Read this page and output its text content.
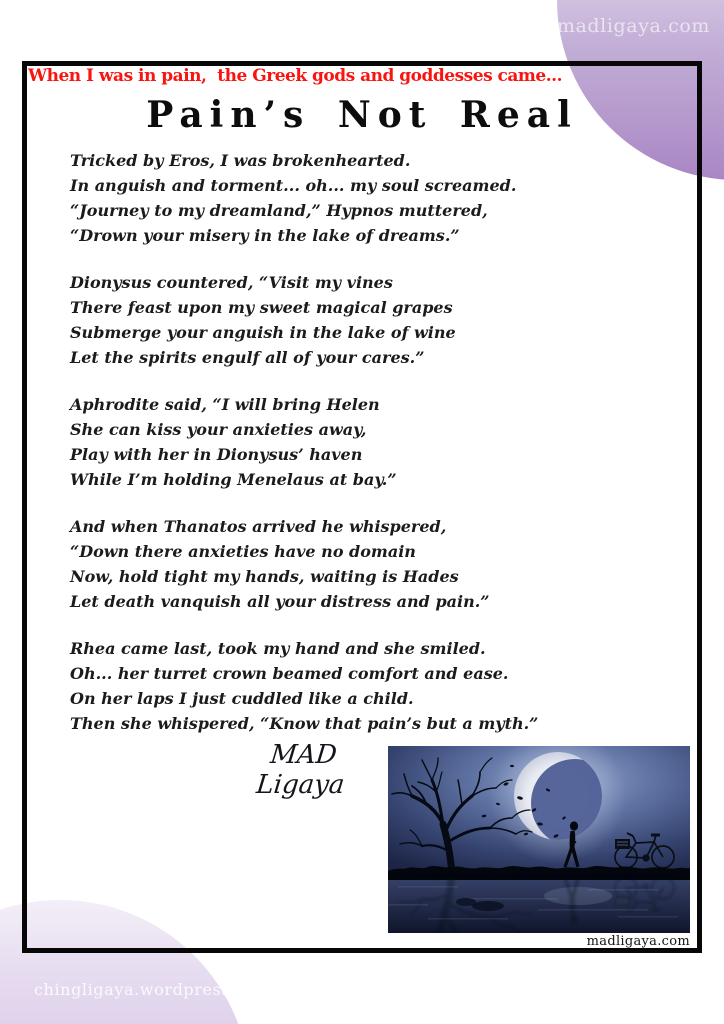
madligaya.com
chingligaya.wordpress.com
When I was in pain,  the Greek gods and goddesses came...
Pain’s Not Real
Tricked by Eros, I was brokenhearted.
In anguish and torment... oh... my soul screamed.
“Journey to my dreamland,” Hypnos muttered,
“Drown your misery in the lake of dreams.”
Dionysus countered, “Visit my vines
There feast upon my sweet magical grapes
Submerge your anguish in the lake of wine
Let the spirits engulf all of your cares.”
Aphrodite said, “I will bring Helen
She can kiss your anxieties away,
Play with her in Dionysus’ haven
While I’m holding Menelaus at bay.”
And when Thanatos arrived he whispered,
“Down there anxieties have no domain
Now, hold tight my hands, waiting is Hades
Let death vanquish all your distress and pain.”
Rhea came last, took my hand and she smiled.
Oh... her turret crown beamed comfort and ease.
On her laps I just cuddled like a child.
Then she whispered, “Know that pain’s but a myth.”
MAD Ligaya
madligaya.com
